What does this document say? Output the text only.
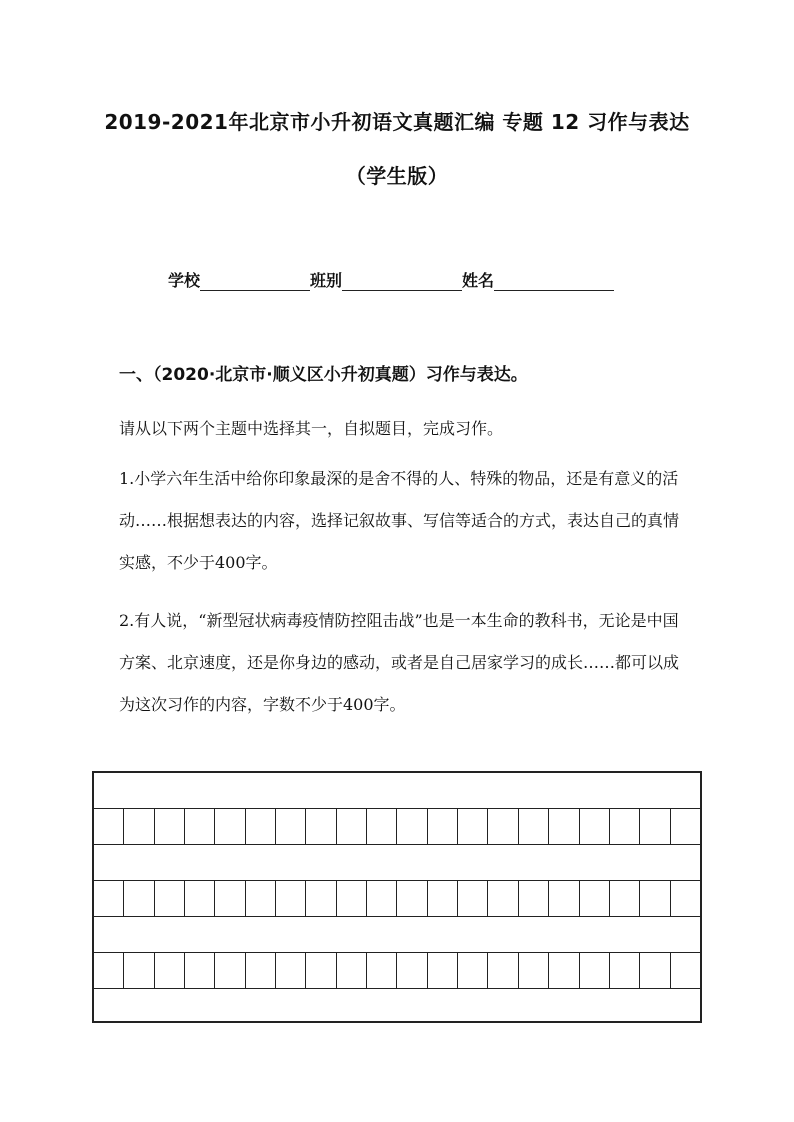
2019-2021年北京市小升初语文真题汇编 专题 12 习作与表达
（学生版）
学校	班别	姓名
一、（2020·北京市·顺义区小升初真题）习作与表达。
请从以下两个主题中选择其一，自拟题目，完成习作。
1.小学六年生活中给你印象最深的是舍不得的人、特殊的物品，还是有意义的活动……根据想表达的内容，选择记叙故事、写信等适合的方式，表达自己的真情实感，不少于400字。
2.有人说，“新型冠状病毒疫情防控阻击战”也是一本生命的教科书，无论是中国方案、北京速度，还是你身边的感动，或者是自己居家学习的成长……都可以成为这次习作的内容，字数不少于400字。
